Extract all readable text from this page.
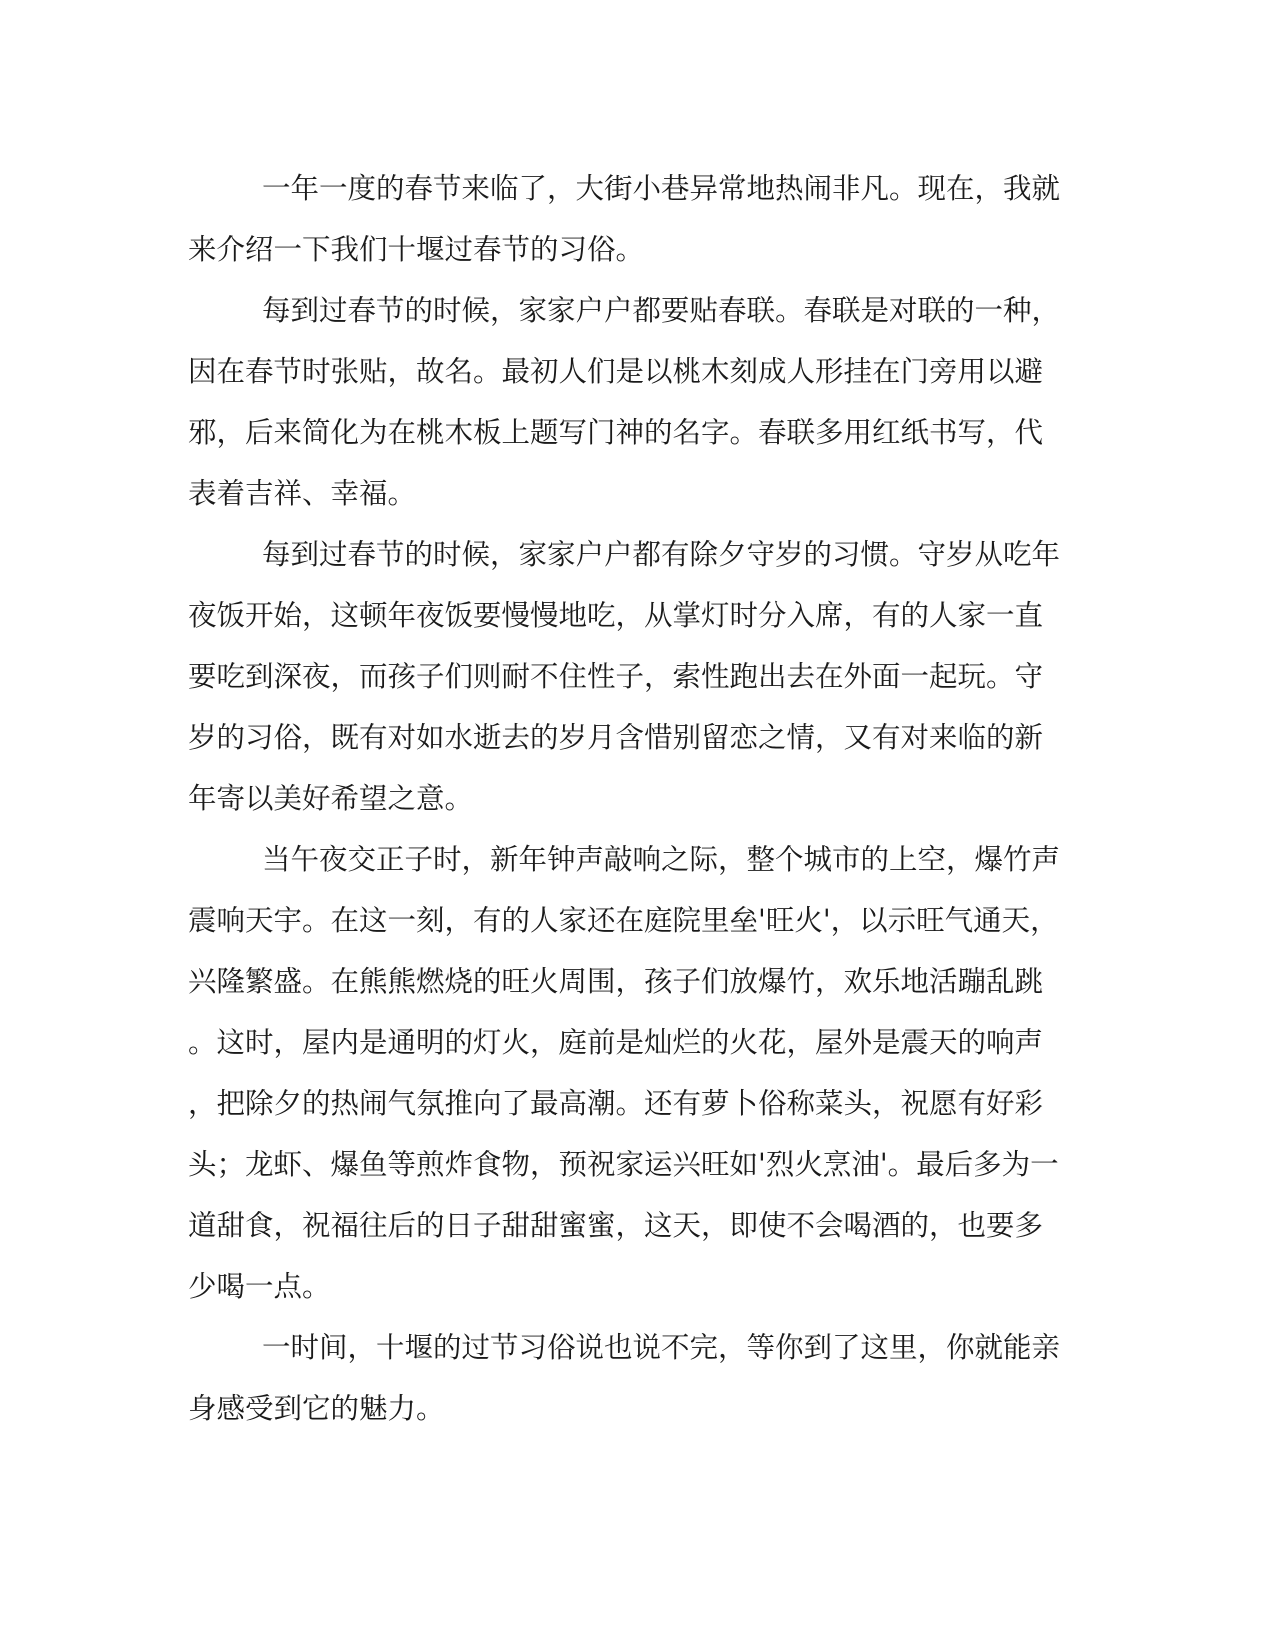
一年一度的春节来临了，大街小巷异常地热闹非凡。现在，我就
来介绍一下我们十堰过春节的习俗。
每到过春节的时候，家家户户都要贴春联。春联是对联的一种，
因在春节时张贴，故名。最初人们是以桃木刻成人形挂在门旁用以避
邪，后来简化为在桃木板上题写门神的名字。春联多用红纸书写，代
表着吉祥、幸福。
每到过春节的时候，家家户户都有除夕守岁的习惯。守岁从吃年
夜饭开始，这顿年夜饭要慢慢地吃，从掌灯时分入席，有的人家一直
要吃到深夜，而孩子们则耐不住性子，索性跑出去在外面一起玩。守
岁的习俗，既有对如水逝去的岁月含惜别留恋之情，又有对来临的新
年寄以美好希望之意。
当午夜交正子时，新年钟声敲响之际，整个城市的上空，爆竹声
震响天宇。在这一刻，有的人家还在庭院里垒'旺火'，以示旺气通天，
兴隆繁盛。在熊熊燃烧的旺火周围，孩子们放爆竹，欢乐地活蹦乱跳
。这时，屋内是通明的灯火，庭前是灿烂的火花，屋外是震天的响声
，把除夕的热闹气氛推向了最高潮。还有萝卜俗称菜头，祝愿有好彩
头；龙虾、爆鱼等煎炸食物，预祝家运兴旺如'烈火烹油'。最后多为一
道甜食，祝福往后的日子甜甜蜜蜜，这天，即使不会喝酒的，也要多
少喝一点。
一时间，十堰的过节习俗说也说不完，等你到了这里，你就能亲
身感受到它的魅力。
